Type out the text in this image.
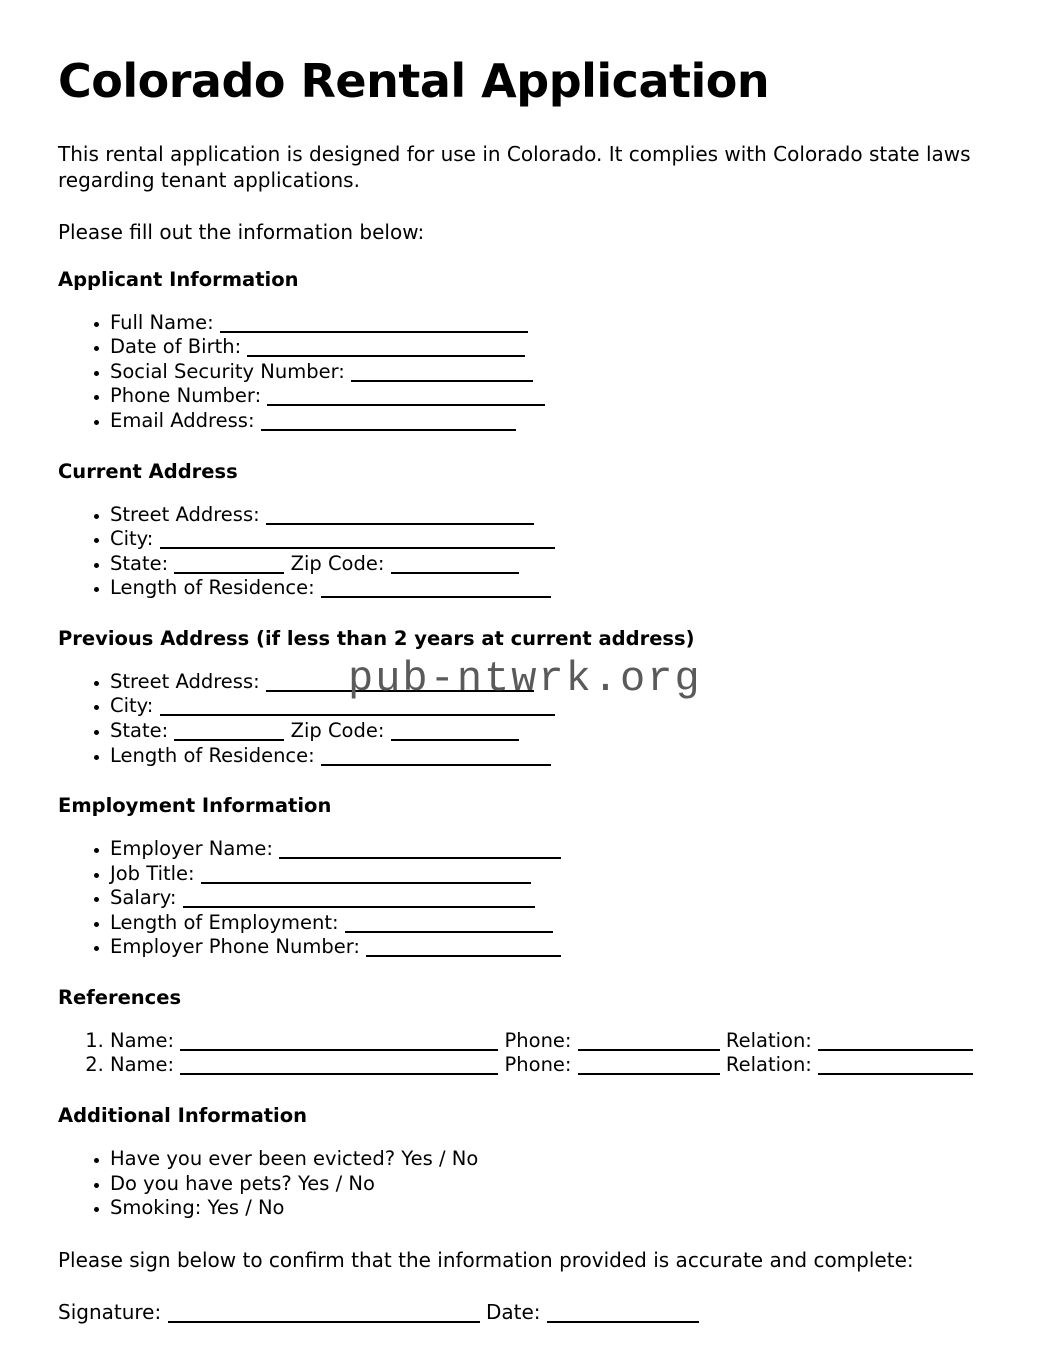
Colorado Rental Application

This rental application is designed for use in Colorado. It complies with Colorado state laws regarding tenant applications.

Please fill out the information below:

Applicant Information
• Full Name:
• Date of Birth:
• Social Security Number:
• Phone Number:
• Email Address:
Current Address
• Street Address:
• City:
• State:	Zip Code:
• Length of Residence:
Previous Address (if less than 2 years at current address)
• Street Address:
• City:
• State:	Zip Code:
• Length of Residence:
Employment Information
• Employer Name:
• Job Title:
• Salary:
• Length of Employment:
• Employer Phone Number:
References
1. Name:	Phone:	Relation:
2. Name:	Phone:	Relation:
Additional Information
• Have you ever been evicted? Yes / No
• Do you have pets? Yes / No
• Smoking: Yes / No

Please sign below to confirm that the information provided is accurate and complete:

Signature:	Date:

pub-ntwrk.org
